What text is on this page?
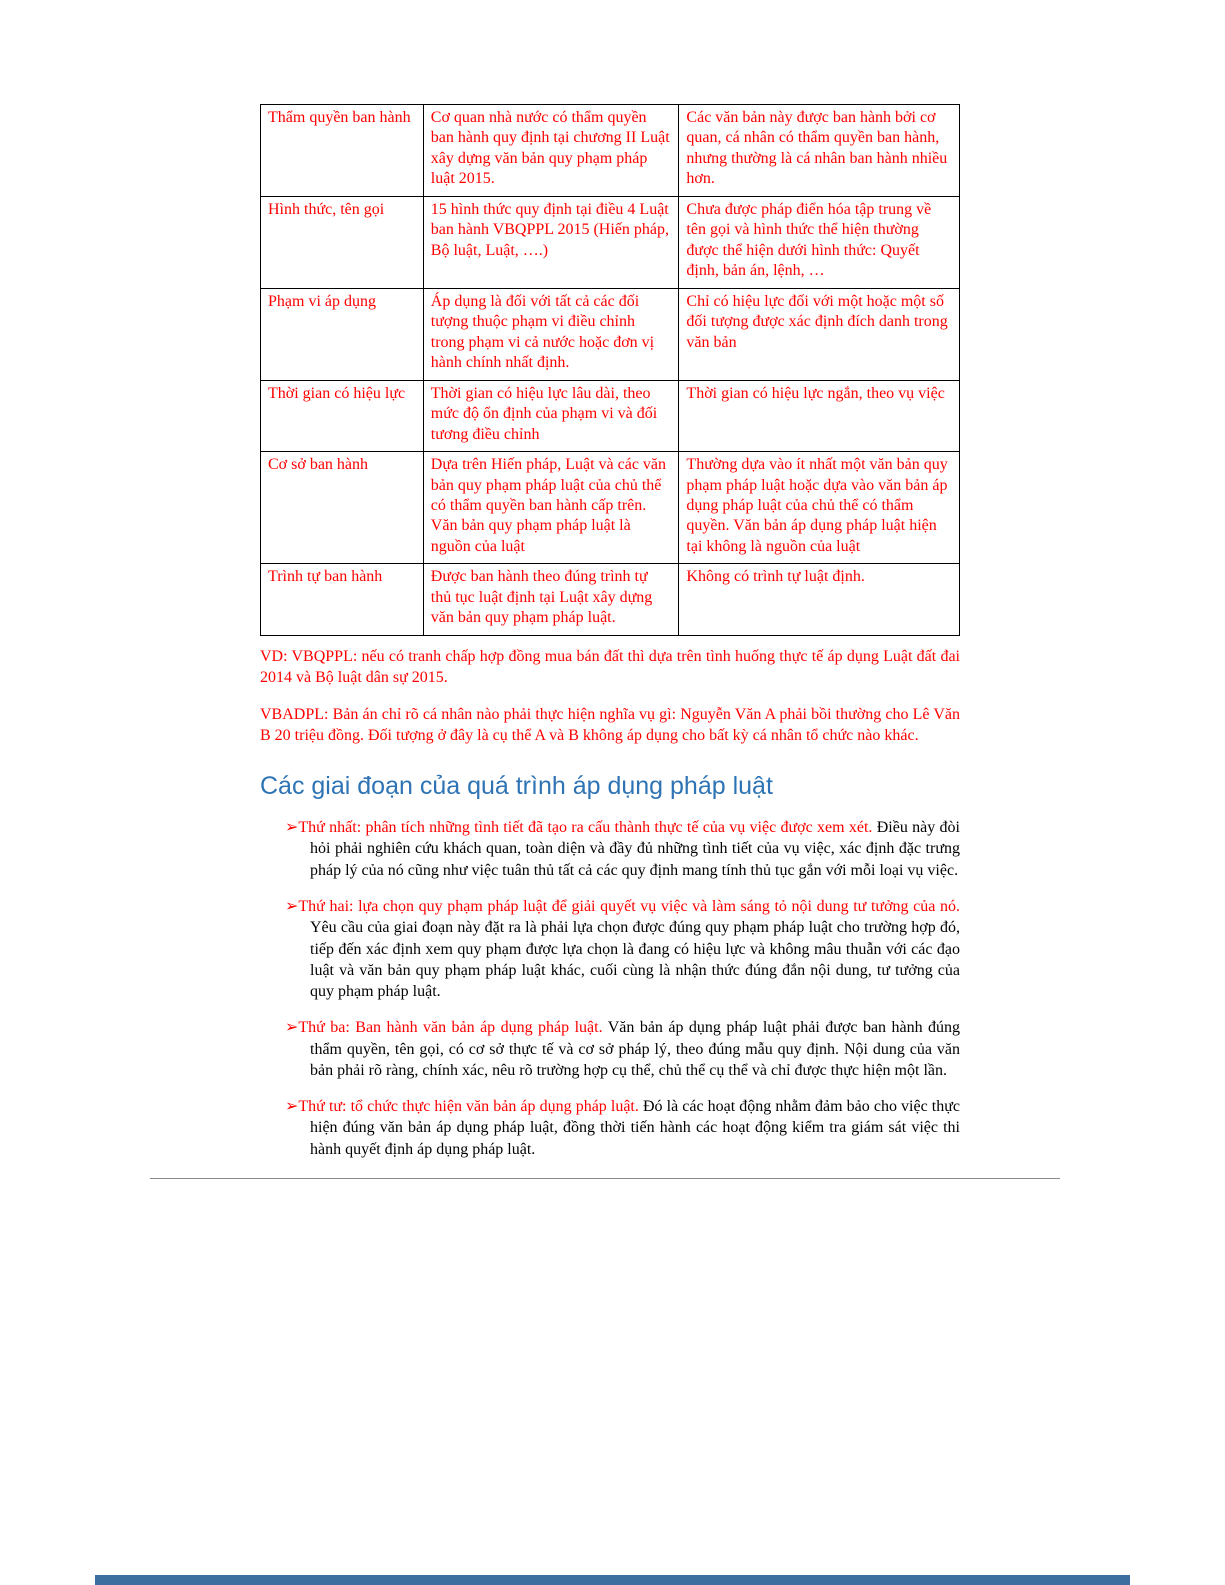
Thẩm quyền ban hành	Cơ quan nhà nước có thẩm quyền ban hành quy định tại chương II Luật xây dựng văn bản quy phạm pháp luật 2015.	Các văn bản này được ban hành bởi cơ quan, cá nhân có thẩm quyền ban hành, nhưng thường là cá nhân ban hành nhiều hơn.
Hình thức, tên gọi	15 hình thức quy định tại điều 4 Luật ban hành VBQPPL 2015 (Hiến pháp, Bộ luật, Luật, ….)	Chưa được pháp điển hóa tập trung về tên gọi và hình thức thể hiện thường được thể hiện dưới hình thức: Quyết định, bản án, lệnh, …
Phạm vi áp dụng	Áp dụng là đối với tất cả các đối tượng thuộc phạm vi điều chỉnh trong phạm vi cả nước hoặc đơn vị hành chính nhất định.	Chỉ có hiệu lực đối với một hoặc một số đối tượng được xác định đích danh trong văn bản
Thời gian có hiệu lực	Thời gian có hiệu lực lâu dài, theo mức độ ổn định của phạm vi và đối tương điều chỉnh	Thời gian có hiệu lực ngắn, theo vụ việc
Cơ sở ban hành	Dựa trên Hiến pháp, Luật và các văn bản quy phạm pháp luật của chủ thể có thẩm quyền ban hành cấp trên. Văn bản quy phạm pháp luật là nguồn của luật	Thường dựa vào ít nhất một văn bản quy phạm pháp luật hoặc dựa vào văn bản áp dụng pháp luật của chủ thể có thẩm quyền. Văn bản áp dụng pháp luật hiện tại không là nguồn của luật
Trình tự ban hành	Được ban hành theo đúng trình tự thủ tục luật định tại Luật xây dựng văn bản quy phạm pháp luật.	Không có trình tự luật định.

VD: VBQPPL: nếu có tranh chấp hợp đồng mua bán đất thì dựa trên tình huống thực tế áp dụng Luật đất đai 2014 và Bộ luật dân sự 2015.

VBADPL: Bản án chỉ rõ cá nhân nào phải thực hiện nghĩa vụ gì: Nguyễn Văn A phải bồi thường cho Lê Văn B 20 triệu đồng. Đối tượng ở đây là cụ thể A và B không áp dụng cho bất kỳ cá nhân tổ chức nào khác.

Các giai đoạn của quá trình áp dụng pháp luật

➢Thứ nhất: phân tích những tình tiết đã tạo ra cấu thành thực tế của vụ việc được xem xét. Điều này đòi hỏi phải nghiên cứu khách quan, toàn diện và đầy đủ những tình tiết của vụ việc, xác định đặc trưng pháp lý của nó cũng như việc tuân thủ tất cả các quy định mang tính thủ tục gắn với mỗi loại vụ việc.

➢Thứ hai: lựa chọn quy phạm pháp luật để giải quyết vụ việc và làm sáng tỏ nội dung tư tưởng của nó. Yêu cầu của giai đoạn này đặt ra là phải lựa chọn được đúng quy phạm pháp luật cho trường hợp đó, tiếp đến xác định xem quy phạm được lựa chọn là đang có hiệu lực và không mâu thuẫn với các đạo luật và văn bản quy phạm pháp luật khác, cuối cùng là nhận thức đúng đắn nội dung, tư tưởng của quy phạm pháp luật.

➢Thứ ba: Ban hành văn bản áp dụng pháp luật. Văn bản áp dụng pháp luật phải được ban hành đúng thẩm quyền, tên gọi, có cơ sở thực tế và cơ sở pháp lý, theo đúng mẫu quy định. Nội dung của văn bản phải rõ ràng, chính xác, nêu rõ trường hợp cụ thể, chủ thể cụ thể và chỉ được thực hiện một lần.

➢Thứ tư: tổ chức thực hiện văn bản áp dụng pháp luật. Đó là các hoạt động nhằm đảm bảo cho việc thực hiện đúng văn bản áp dụng pháp luật, đồng thời tiến hành các hoạt động kiểm tra giám sát việc thi hành quyết định áp dụng pháp luật.
